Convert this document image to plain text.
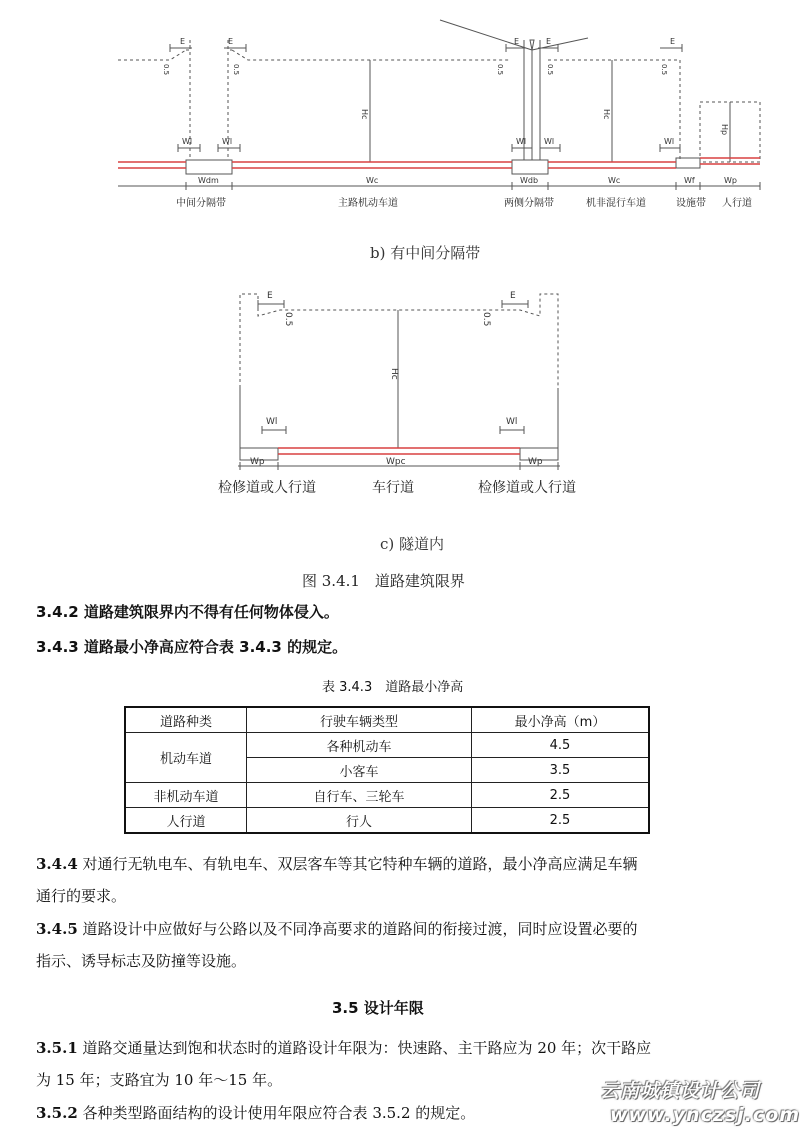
E	E	E	E	E
Hc	Hc
Hp
Wl	Wl	Wl Wl	Wl
Wdm	Wc	Wdb	Wc	Wf	Wp
0.5	0.5	0.5	0.5	0.5
中间分隔带	主路机动车道	两侧分隔带	机非混行车道	设施带 人行道
b) 有中间分隔带
E	E
Hc
Wl	Wl
Wp	Wpc	Wp
0.5	0.5
检修道或人行道	车行道	检修道或人行道
c) 隧道内
图 3.4.1　道路建筑限界
3.4.2 道路建筑限界内不得有任何物体侵入。
3.4.3 道路最小净高应符合表 3.4.3 的规定。
表 3.4.3　道路最小净高
道路种类	行驶车辆类型	最小净高（m）
机动车道	各种机动车	4.5
	小客车	3.5
非机动车道	自行车、三轮车	2.5
人行道	行人	2.5
3.4.4 对通行无轨电车、有轨电车、双层客车等其它特种车辆的道路，最小净高应满足车辆
通行的要求。
3.4.5 道路设计中应做好与公路以及不同净高要求的道路间的衔接过渡，同时应设置必要的
指示、诱导标志及防撞等设施。
3.5 设计年限
3.5.1 道路交通量达到饱和状态时的道路设计年限为：快速路、主干路应为 20 年；次干路应
为 15 年；支路宜为 10 年～15 年。
3.5.2 各种类型路面结构的设计使用年限应符合表 3.5.2 的规定。
云南城镇设计公司
www.ynczsj.com
